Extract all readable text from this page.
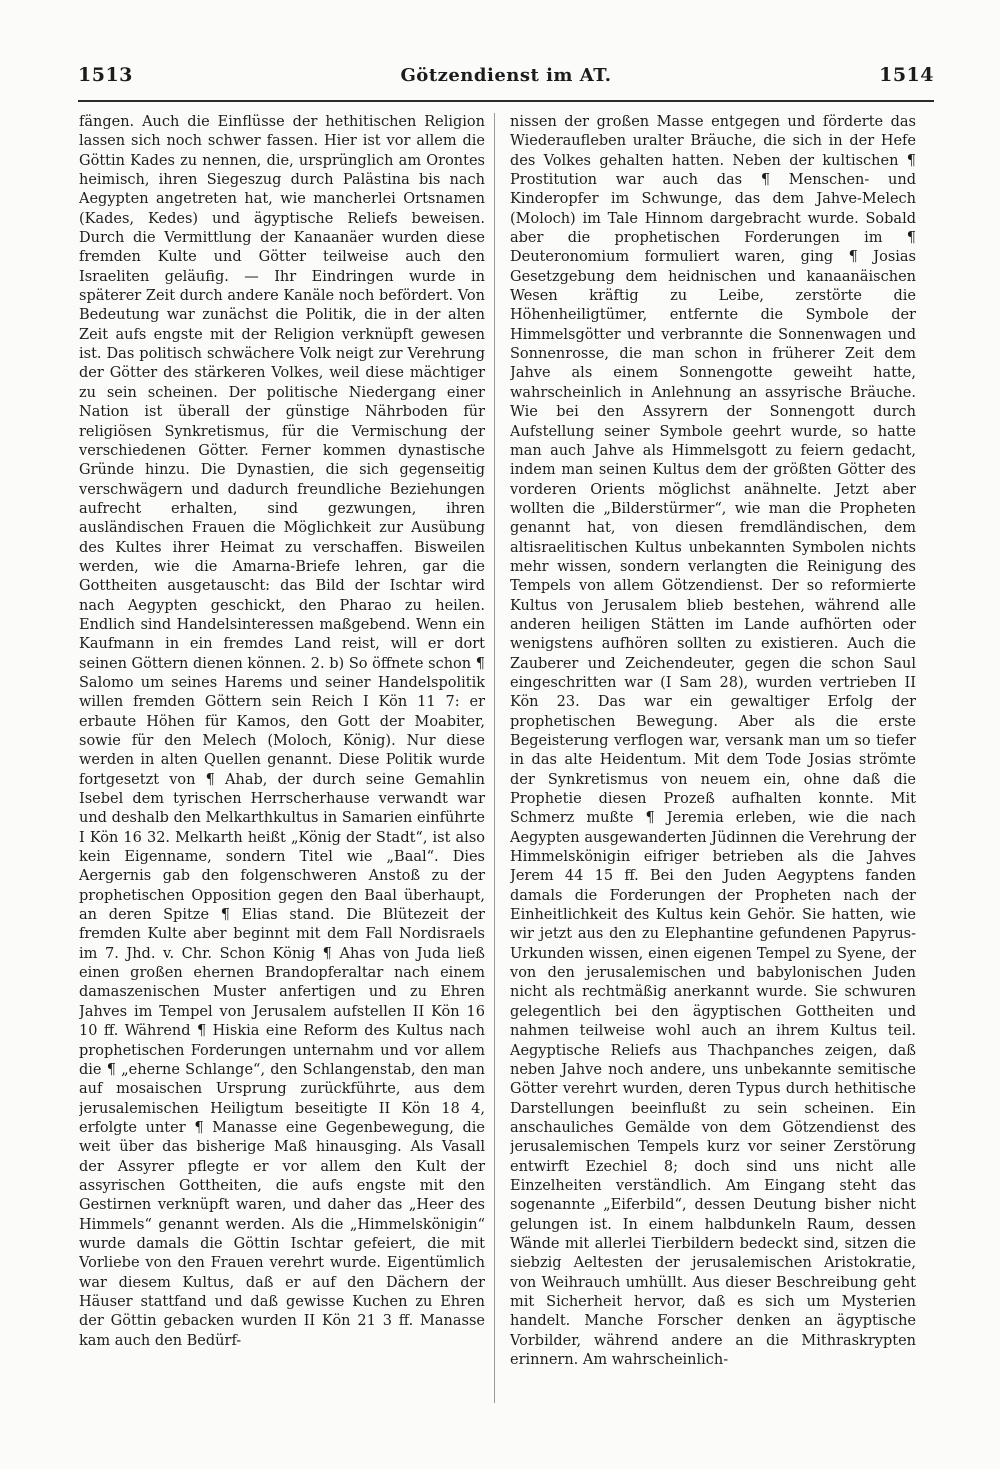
1513	Götzendienst im AT.	1514

fängen. Auch die Einflüsse der hethitischen Religion lassen sich noch schwer fassen. Hier ist vor allem die Göttin Kades zu nennen, die, ursprünglich am Orontes heimisch, ihren Siegeszug durch Palästina bis nach Aegypten angetreten hat, wie mancherlei Ortsnamen (Kades, Kedes) und ägyptische Reliefs beweisen. Durch die Vermittlung der Kanaanäer wurden diese fremden Kulte und Götter teilweise auch den Israeliten geläufig. — Ihr Eindringen wurde in späterer Zeit durch andere Kanäle noch befördert. Von Bedeutung war zunächst die Politik, die in der alten Zeit aufs engste mit der Religion verknüpft gewesen ist. Das politisch schwächere Volk neigt zur Verehrung der Götter des stärkeren Volkes, weil diese mächtiger zu sein scheinen. Der politische Niedergang einer Nation ist überall der günstige Nährboden für religiösen Synkretismus, für die Vermischung der verschiedenen Götter. Ferner kommen dynastische Gründe hinzu. Die Dynastien, die sich gegenseitig verschwägern und dadurch freundliche Beziehungen aufrecht erhalten, sind gezwungen, ihren ausländischen Frauen die Möglichkeit zur Ausübung des Kultes ihrer Heimat zu verschaffen. Bisweilen werden, wie die Amarna-Briefe lehren, gar die Gottheiten ausgetauscht: das Bild der Ischtar wird nach Aegypten geschickt, den Pharao zu heilen. Endlich sind Handelsinteressen maßgebend. Wenn ein Kaufmann in ein fremdes Land reist, will er dort seinen Göttern dienen können. 2. b) So öffnete schon ¶ Salomo um seines Harems und seiner Handelspolitik willen fremden Göttern sein Reich I Kön 11 7: er erbaute Höhen für Kamos, den Gott der Moabiter, sowie für den Melech (Moloch, König). Nur diese werden in alten Quellen genannt. Diese Politik wurde fortgesetzt von ¶ Ahab, der durch seine Gemahlin Isebel dem tyrischen Herrscherhause verwandt war und deshalb den Melkarthkultus in Samarien einführte I Kön 16 32. Melkarth heißt „König der Stadt“, ist also kein Eigenname, sondern Titel wie „Baal“. Dies Aergernis gab den folgenschweren Anstoß zu der prophetischen Opposition gegen den Baal überhaupt, an deren Spitze ¶ Elias stand. Die Blütezeit der fremden Kulte aber beginnt mit dem Fall Nordisraels im 7. Jhd. v. Chr. Schon König ¶ Ahas von Juda ließ einen großen ehernen Brandopferaltar nach einem damaszenischen Muster anfertigen und zu Ehren Jahves im Tempel von Jerusalem aufstellen II Kön 16 10 ff. Während ¶ Hiskia eine Reform des Kultus nach prophetischen Forderungen unternahm und vor allem die ¶ „eherne Schlange“, den Schlangenstab, den man auf mosaischen Ursprung zurückführte, aus dem jerusalemischen Heiligtum beseitigte II Kön 18 4, erfolgte unter ¶ Manasse eine Gegenbewegung, die weit über das bisherige Maß hinausging. Als Vasall der Assyrer pflegte er vor allem den Kult der assyrischen Gottheiten, die aufs engste mit den Gestirnen verknüpft waren, und daher das „Heer des Himmels“ genannt werden. Als die „Himmelskönigin“ wurde damals die Göttin Ischtar gefeiert, die mit Vorliebe von den Frauen verehrt wurde. Eigentümlich war diesem Kultus, daß er auf den Dächern der Häuser stattfand und daß gewisse Kuchen zu Ehren der Göttin gebacken wurden II Kön 21 3 ff. Manasse kam auch den Bedürf-

nissen der großen Masse entgegen und förderte das Wiederaufleben uralter Bräuche, die sich in der Hefe des Volkes gehalten hatten. Neben der kultischen ¶ Prostitution war auch das ¶ Menschen- und Kinderopfer im Schwunge, das dem Jahve-Melech (Moloch) im Tale Hinnom dargebracht wurde. Sobald aber die prophetischen Forderungen im ¶ Deuteronomium formuliert waren, ging ¶ Josias Gesetzgebung dem heidnischen und kanaanäischen Wesen kräftig zu Leibe, zerstörte die Höhenheiligtümer, entfernte die Symbole der Himmelsgötter und verbrannte die Sonnenwagen und Sonnenrosse, die man schon in früherer Zeit dem Jahve als einem Sonnengotte geweiht hatte, wahrscheinlich in Anlehnung an assyrische Bräuche. Wie bei den Assyrern der Sonnengott durch Aufstellung seiner Symbole geehrt wurde, so hatte man auch Jahve als Himmelsgott zu feiern gedacht, indem man seinen Kultus dem der größten Götter des vorderen Orients möglichst anähnelte. Jetzt aber wollten die „Bilderstürmer“, wie man die Propheten genannt hat, von diesen fremdländischen, dem altisraelitischen Kultus unbekannten Symbolen nichts mehr wissen, sondern verlangten die Reinigung des Tempels von allem Götzendienst. Der so reformierte Kultus von Jerusalem blieb bestehen, während alle anderen heiligen Stätten im Lande aufhörten oder wenigstens aufhören sollten zu existieren. Auch die Zauberer und Zeichendeuter, gegen die schon Saul eingeschritten war (I Sam 28), wurden vertrieben II Kön 23. Das war ein gewaltiger Erfolg der prophetischen Bewegung. Aber als die erste Begeisterung verflogen war, versank man um so tiefer in das alte Heidentum. Mit dem Tode Josias strömte der Synkretismus von neuem ein, ohne daß die Prophetie diesen Prozeß aufhalten konnte. Mit Schmerz mußte ¶ Jeremia erleben, wie die nach Aegypten ausgewanderten Jüdinnen die Verehrung der Himmelskönigin eifriger betrieben als die Jahves Jerem 44 15 ff. Bei den Juden Aegyptens fanden damals die Forderungen der Propheten nach der Einheitlichkeit des Kultus kein Gehör. Sie hatten, wie wir jetzt aus den zu Elephantine gefundenen Papyrus-Urkunden wissen, einen eigenen Tempel zu Syene, der von den jerusalemischen und babylonischen Juden nicht als rechtmäßig anerkannt wurde. Sie schwuren gelegentlich bei den ägyptischen Gottheiten und nahmen teilweise wohl auch an ihrem Kultus teil. Aegyptische Reliefs aus Thachpanches zeigen, daß neben Jahve noch andere, uns unbekannte semitische Götter verehrt wurden, deren Typus durch hethitische Darstellungen beeinflußt zu sein scheinen. Ein anschauliches Gemälde von dem Götzendienst des jerusalemischen Tempels kurz vor seiner Zerstörung entwirft Ezechiel 8; doch sind uns nicht alle Einzelheiten verständlich. Am Eingang steht das sogenannte „Eiferbild“, dessen Deutung bisher nicht gelungen ist. In einem halbdunkeln Raum, dessen Wände mit allerlei Tierbildern bedeckt sind, sitzen die siebzig Aeltesten der jerusalemischen Aristokratie, von Weihrauch umhüllt. Aus dieser Beschreibung geht mit Sicherheit hervor, daß es sich um Mysterien handelt. Manche Forscher denken an ägyptische Vorbilder, während andere an die Mithraskrypten erinnern. Am wahrscheinlich-
